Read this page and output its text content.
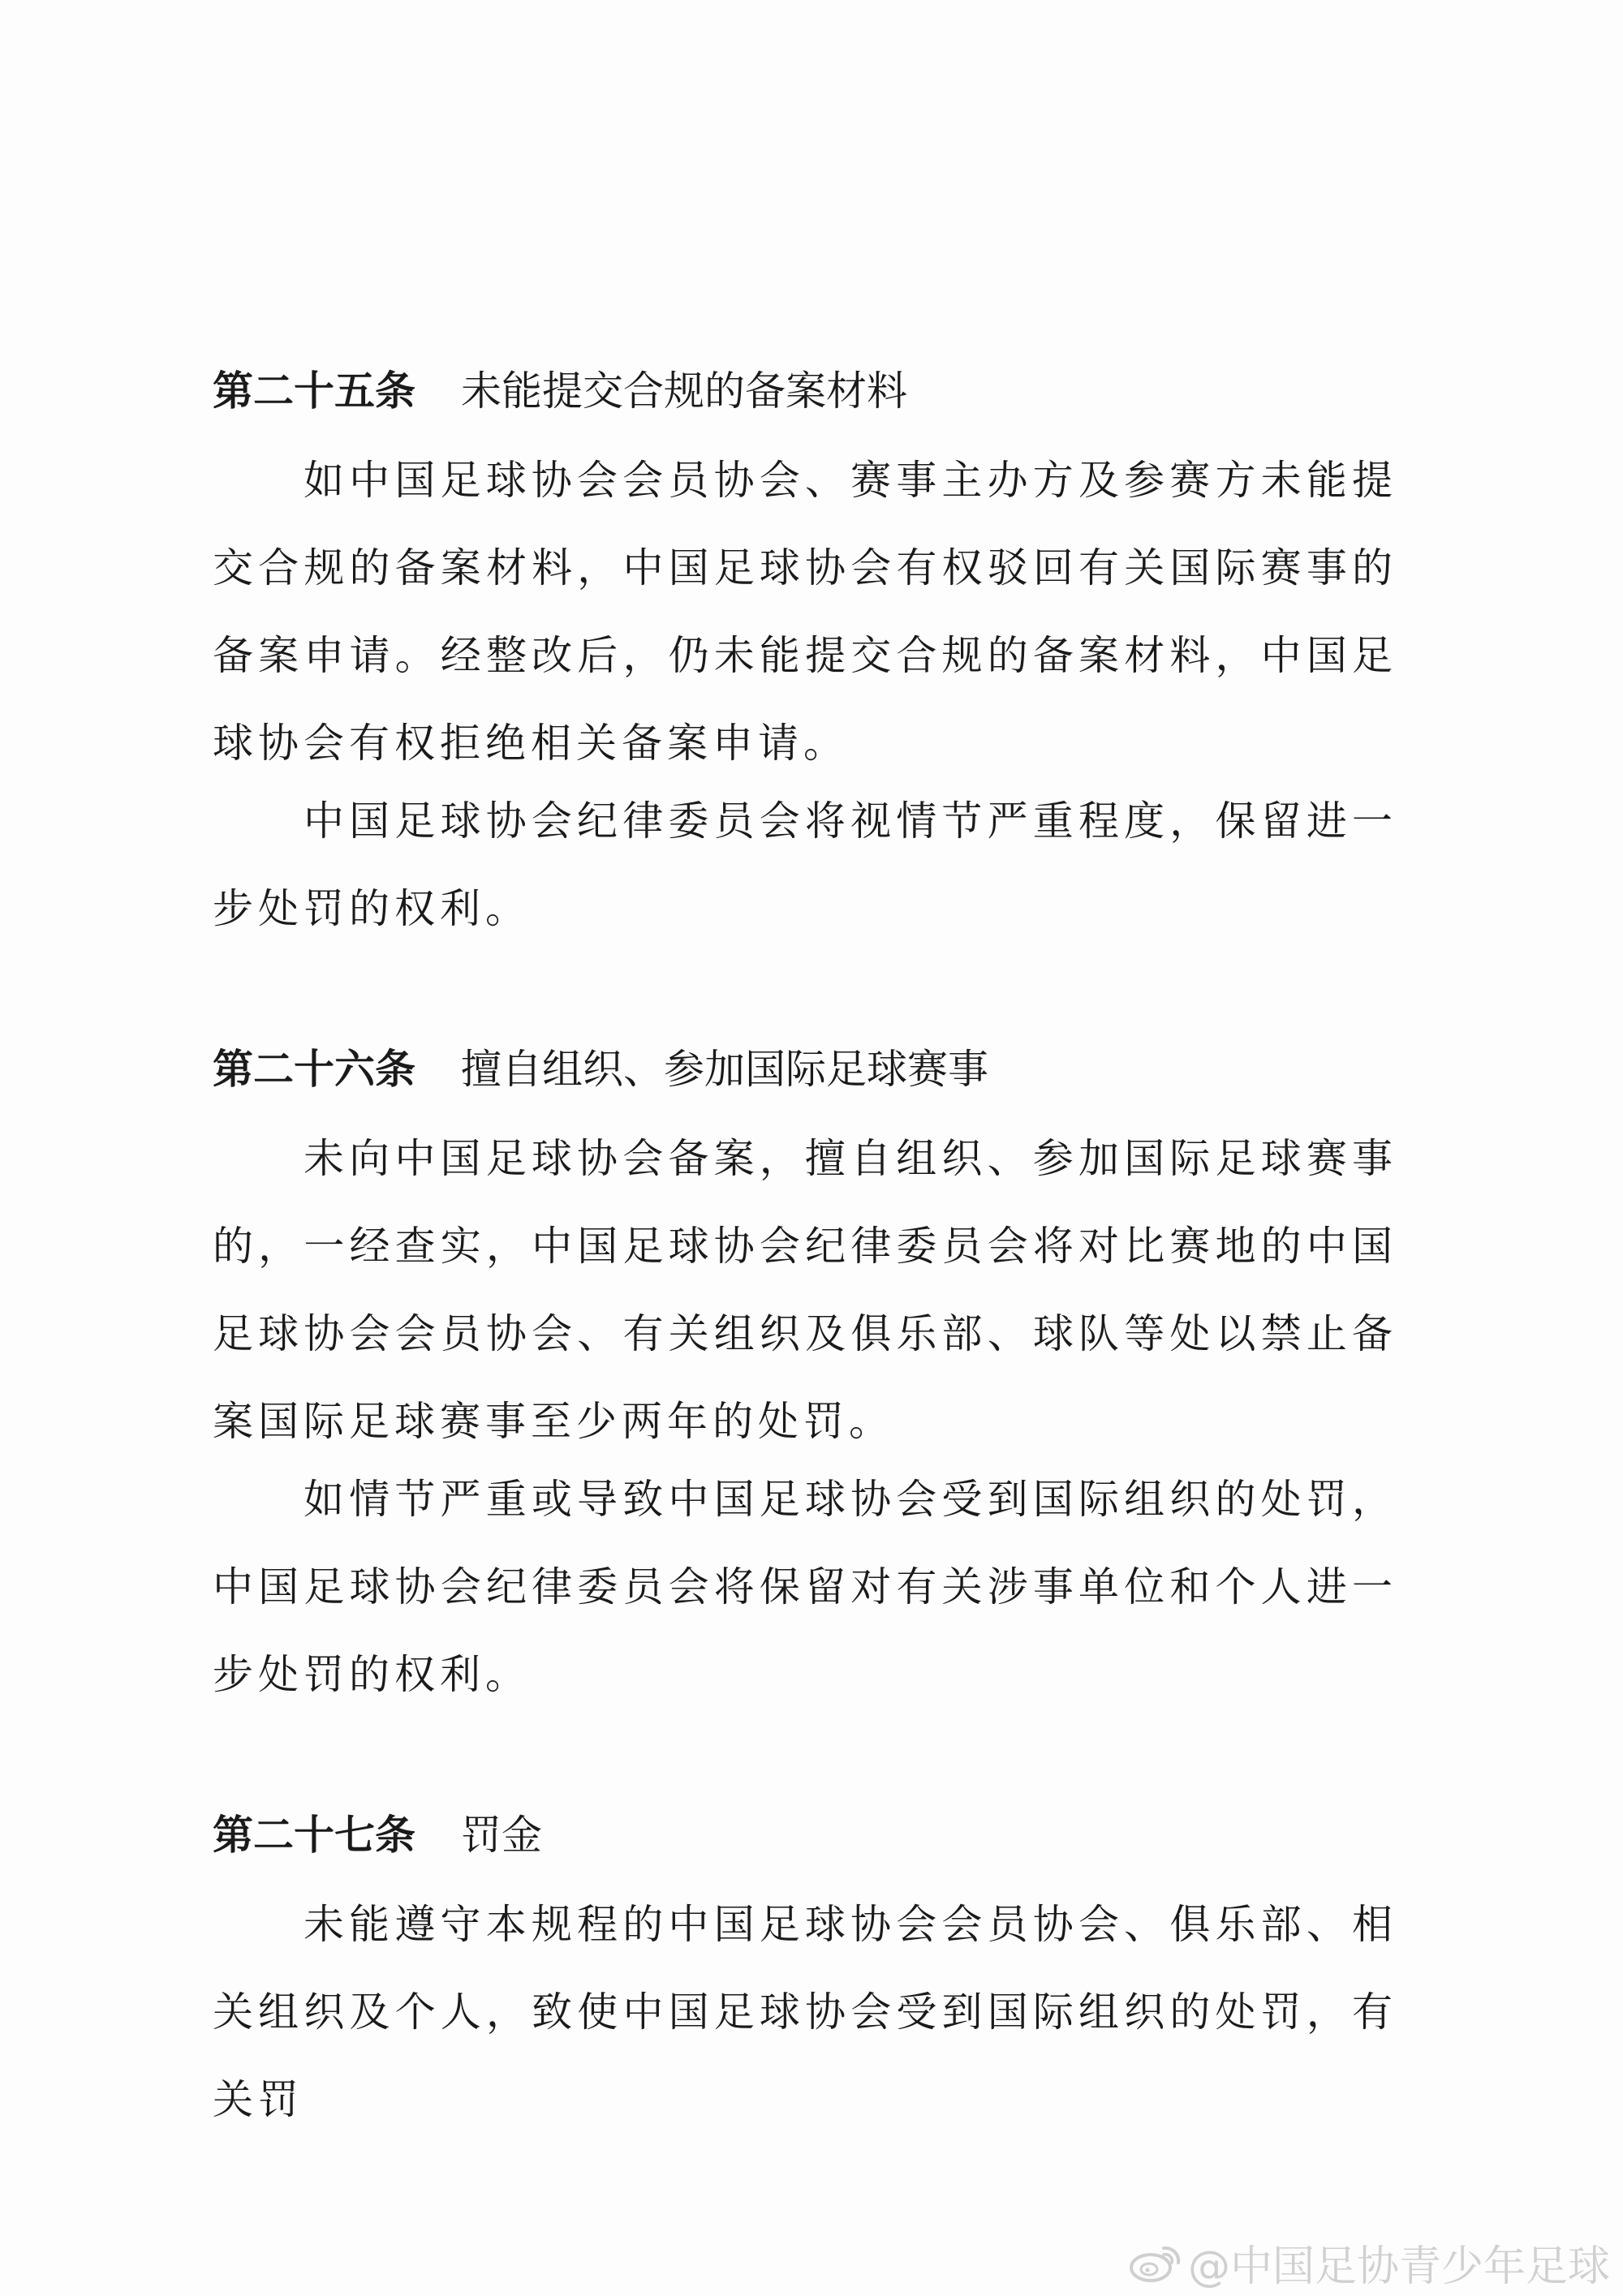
第二十五条 未能提交合规的备案材料

如中国足球协会会员协会、赛事主办方及参赛方未能提交合规的备案材料，中国足球协会有权驳回有关国际赛事的备案申请。经整改后，仍未能提交合规的备案材料，中国足球协会有权拒绝相关备案申请。

中国足球协会纪律委员会将视情节严重程度，保留进一步处罚的权利。

第二十六条 擅自组织、参加国际足球赛事

未向中国足球协会备案，擅自组织、参加国际足球赛事的，一经查实，中国足球协会纪律委员会将对比赛地的中国足球协会会员协会、有关组织及俱乐部、球队等处以禁止备案国际足球赛事至少两年的处罚。

如情节严重或导致中国足球协会受到国际组织的处罚，中国足球协会纪律委员会将保留对有关涉事单位和个人进一步处罚的权利。

第二十七条 罚金

未能遵守本规程的中国足球协会会员协会、俱乐部、相关组织及个人，致使中国足球协会受到国际组织的处罚，有关罚

@中国足协青少年足球
